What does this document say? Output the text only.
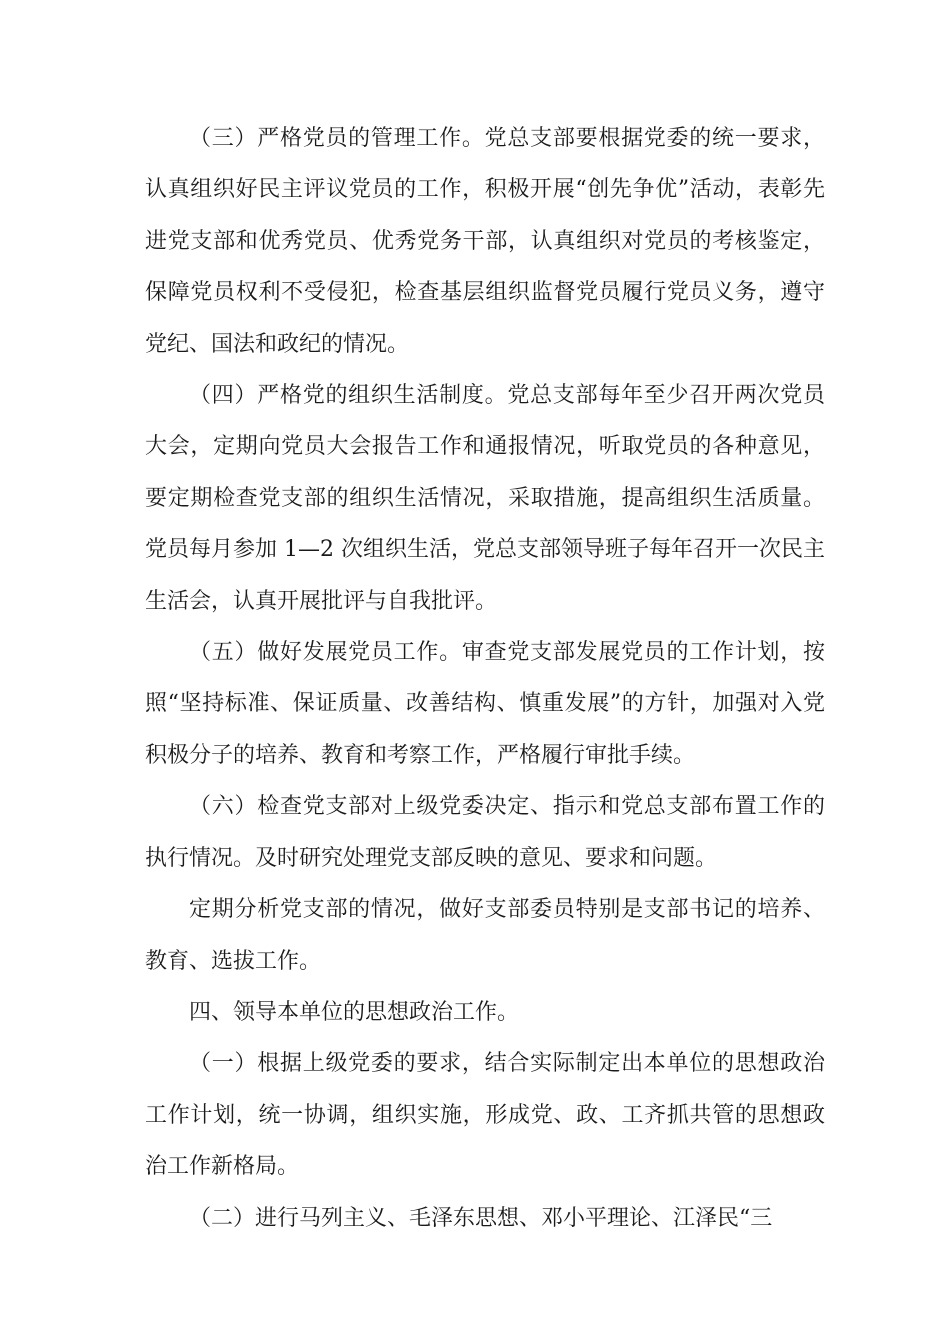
（三）严格党员的管理工作。党总支部要根据党委的统一要求，认真组织好民主评议党员的工作，积极开展“创先争优”活动，表彰先进党支部和优秀党员、优秀党务干部，认真组织对党员的考核鉴定，保障党员权利不受侵犯，检查基层组织监督党员履行党员义务，遵守党纪、国法和政纪的情况。

（四）严格党的组织生活制度。党总支部每年至少召开两次党员大会，定期向党员大会报告工作和通报情况，听取党员的各种意见，要定期检查党支部的组织生活情况，采取措施，提高组织生活质量。党员每月参加 1—2 次组织生活，党总支部领导班子每年召开一次民主生活会，认真开展批评与自我批评。

（五）做好发展党员工作。审查党支部发展党员的工作计划，按照“坚持标准、保证质量、改善结构、慎重发展”的方针，加强对入党积极分子的培养、教育和考察工作，严格履行审批手续。

（六）检查党支部对上级党委决定、指示和党总支部布置工作的执行情况。及时研究处理党支部反映的意见、要求和问题。

定期分析党支部的情况，做好支部委员特别是支部书记的培养、教育、选拔工作。

四、领导本单位的思想政治工作。

（一）根据上级党委的要求，结合实际制定出本单位的思想政治工作计划，统一协调，组织实施，形成党、政、工齐抓共管的思想政治工作新格局。

（二）进行马列主义、毛泽东思想、邓小平理论、江泽民“三
